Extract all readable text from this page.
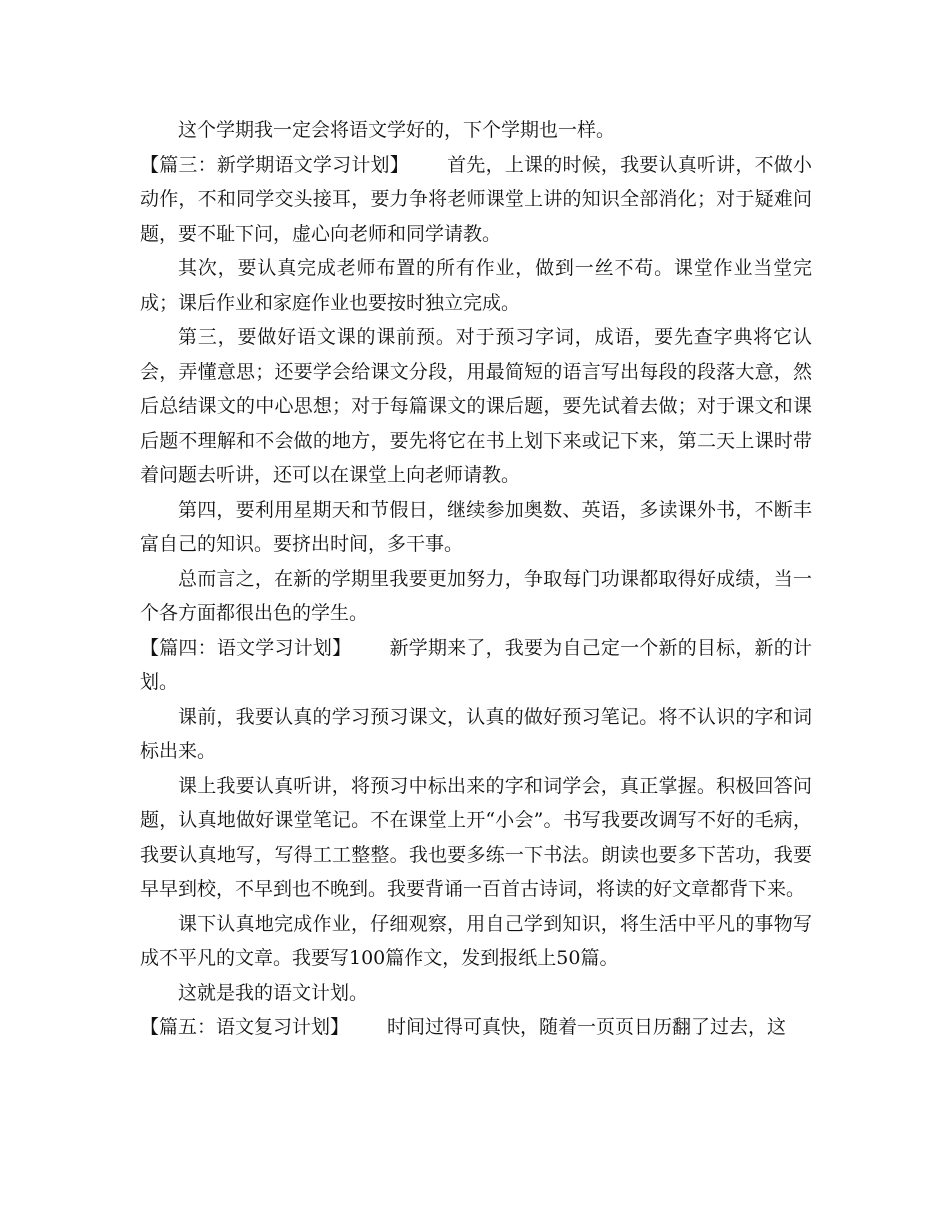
这个学期我一定会将语文学好的，下个学期也一样。

【篇三：新学期语文学习计划】 首先，上课的时候，我要认真听讲，不做小动作，不和同学交头接耳，要力争将老师课堂上讲的知识全部消化；对于疑难问题，要不耻下问，虚心向老师和同学请教。

其次，要认真完成老师布置的所有作业，做到一丝不苟。课堂作业当堂完成；课后作业和家庭作业也要按时独立完成。

第三，要做好语文课的课前预。对于预习字词，成语，要先查字典将它认会，弄懂意思；还要学会给课文分段，用最简短的语言写出每段的段落大意，然后总结课文的中心思想；对于每篇课文的课后题，要先试着去做；对于课文和课后题不理解和不会做的地方，要先将它在书上划下来或记下来，第二天上课时带着问题去听讲，还可以在课堂上向老师请教。

第四，要利用星期天和节假日，继续参加奥数、英语，多读课外书，不断丰富自己的知识。要挤出时间，多干事。

总而言之，在新的学期里我要更加努力，争取每门功课都取得好成绩，当一个各方面都很出色的学生。

【篇四：语文学习计划】 新学期来了，我要为自己定一个新的目标，新的计划。

课前，我要认真的学习预习课文，认真的做好预习笔记。将不认识的字和词标出来。

课上我要认真听讲，将预习中标出来的字和词学会，真正掌握。积极回答问题，认真地做好课堂笔记。不在课堂上开“小会”。书写我要改调写不好的毛病，我要认真地写，写得工工整整。我也要多练一下书法。朗读也要多下苦功，我要早早到校，不早到也不晚到。我要背诵一百首古诗词，将读的好文章都背下来。

课下认真地完成作业，仔细观察，用自己学到知识，将生活中平凡的事物写成不平凡的文章。我要写100篇作文，发到报纸上50篇。

这就是我的语文计划。

【篇五：语文复习计划】 时间过得可真快，随着一页页日历翻了过去，这
